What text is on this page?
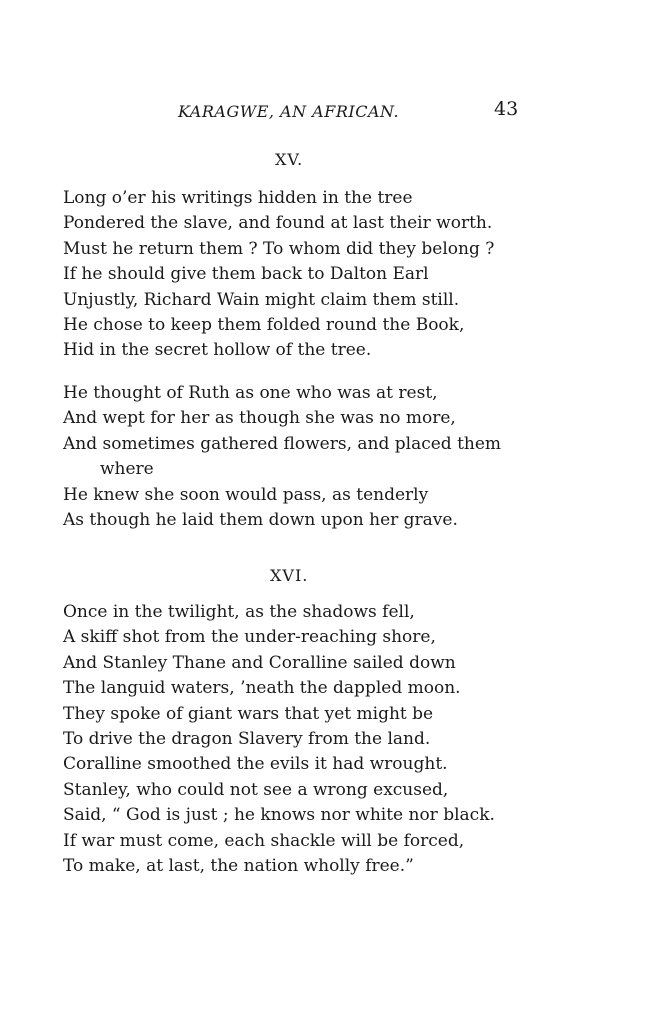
KARAGWE, AN AFRICAN.	43
XV.
Long o’er his writings hidden in the tree
Pondered the slave, and found at last their worth.
Must he return them ? To whom did they belong ?
If he should give them back to Dalton Earl
Unjustly, Richard Wain might claim them still.
He chose to keep them folded round the Book,
Hid in the secret hollow of the tree.
He thought of Ruth as one who was at rest,
And wept for her as though she was no more,
And sometimes gathered flowers, and placed them
where
He knew she soon would pass, as tenderly
As though he laid them down upon her grave.
XVI.
Once in the twilight, as the shadows fell,
A skiff shot from the under-reaching shore,
And Stanley Thane and Coralline sailed down
The languid waters, ’neath the dappled moon.
They spoke of giant wars that yet might be
To drive the dragon Slavery from the land.
Coralline smoothed the evils it had wrought.
Stanley, who could not see a wrong excused,
Said, “ God is just ; he knows nor white nor black.
If war must come, each shackle will be forced,
To make, at last, the nation wholly free.”
